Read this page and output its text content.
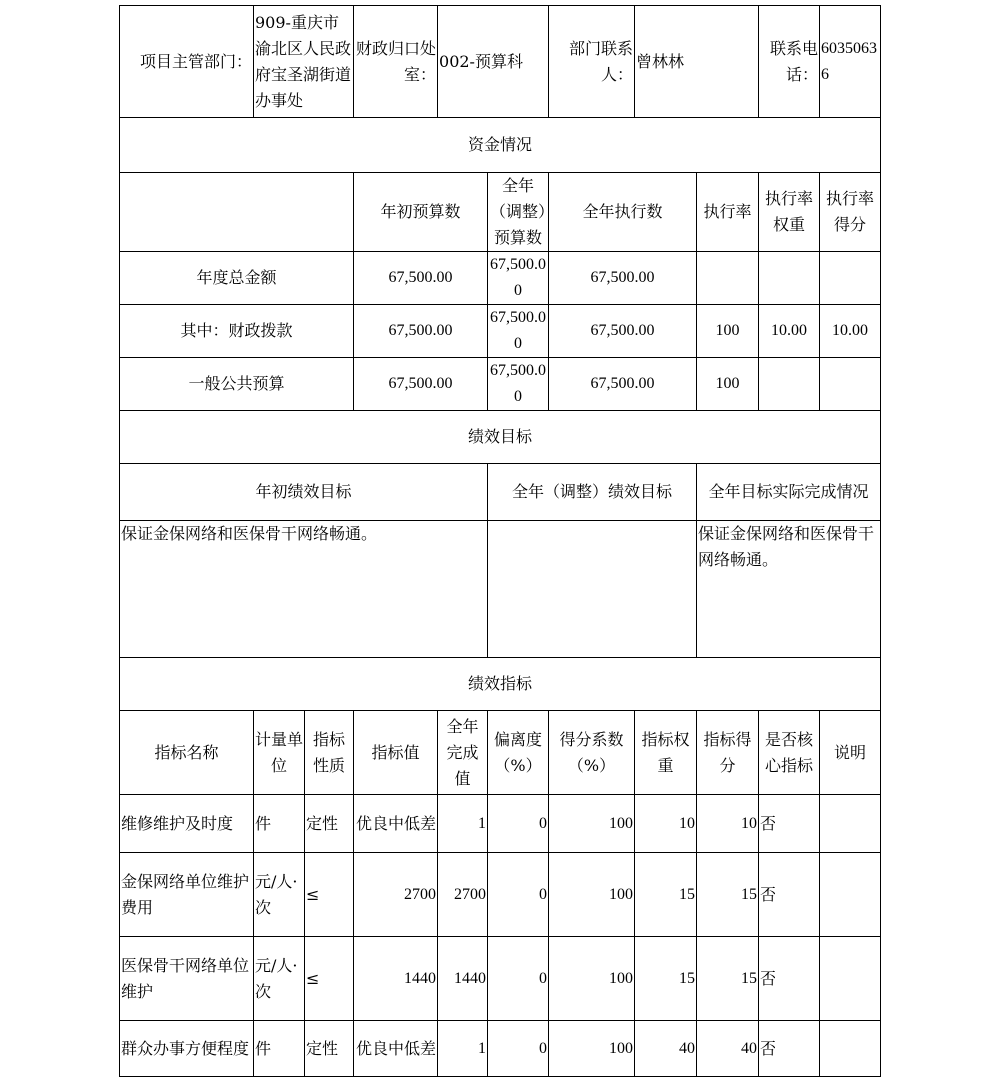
项目主管部门：	909-重庆市渝北区人民政府宝圣湖街道办事处		财政归口处室：	002-预算科		部门联系人：	曾林林		联系电话：	60350636
资金情况										
			年初预算数		全年（调整）预算数	全年执行数		执行率	执行率权重	执行率得分
年度总金额			67,500.00		67,500.00	67,500.00				
其中：财政拨款			67,500.00		67,500.00	67,500.00		100	10.00	10.00
一般公共预算			67,500.00		67,500.00	67,500.00		100		
绩效目标										
年初绩效目标					全年（调整）绩效目标			全年目标实际完成情况		
保证金保网络和医保骨干网络畅通。								保证金保网络和医保骨干网络畅通。		
绩效指标										
指标名称	计量单位	指标性质	指标值	全年完成值	偏离度（%）	得分系数（%）	指标权重	指标得分	是否核心指标	说明
维修维护及时度	件	定性	优良中低差	1	0	100	10	10	否	
金保网络单位维护费用	元/人·次	≤	2700	2700	0	100	15	15	否	
医保骨干网络单位维护	元/人·次	≤	1440	1440	0	100	15	15	否	
群众办事方便程度	件	定性	优良中低差	1	0	100	40	40	否	
